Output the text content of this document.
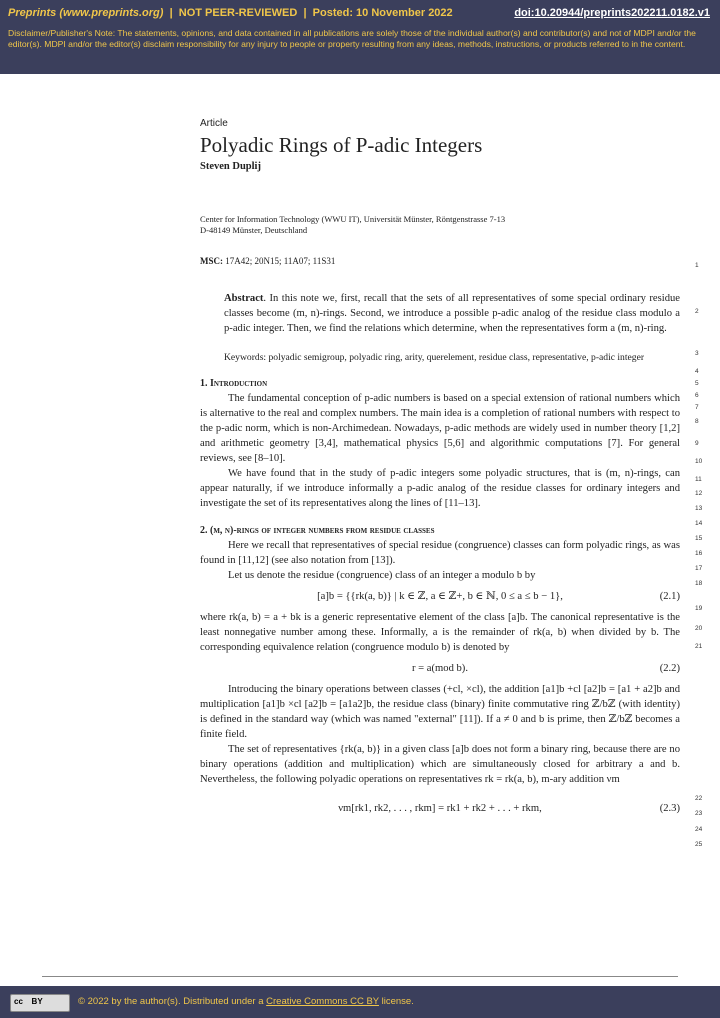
Preprints (www.preprints.org)  |  NOT PEER-REVIEWED  |  Posted: 10 November 2022	doi:10.20944/preprints202211.0182.v1
Disclaimer/Publisher's Note: The statements, opinions, and data contained in all publications are solely those of the individual author(s) and contributor(s) and not of MDPI and/or the editor(s). MDPI and/or the editor(s) disclaim responsibility for any injury to people or property resulting from any ideas, methods, instructions, or products referred to in the content.
Article
Polyadic Rings of P-adic Integers
Steven Duplij
Center for Information Technology (WWU IT), Universität Münster, Röntgenstrasse 7-13
D-48149 Münster, Deutschland
MSC: 17A42; 20N15; 11A07; 11S31
Abstract. In this note we, first, recall that the sets of all representatives of some special ordinary residue classes become (m, n)-rings. Second, we introduce a possible p-adic analog of the residue class modulo a p-adic integer. Then, we find the relations which determine, when the representatives form a (m, n)-ring.
Keywords: polyadic semigroup, polyadic ring, arity, querelement, residue class, representative, p-adic integer
1. Introduction

The fundamental conception of p-adic numbers is based on a special extension of rational numbers which is alternative to the real and complex numbers. The main idea is a completion of rational numbers with respect to the p-adic norm, which is non-Archimedean. Nowadays, p-adic methods are widely used in number theory [1,2] and arithmetic geometry [3,4], mathematical physics [5,6] and algorithmic computations [7]. For general reviews, see [8–10].

We have found that in the study of p-adic integers some polyadic structures, that is (m, n)-rings, can appear naturally, if we introduce informally a p-adic analog of the residue classes for ordinary integers and investigate the set of its representatives along the lines of [11–13].

2. (m, n)-rings of integer numbers from residue classes

Here we recall that representatives of special residue (congruence) classes can form polyadic rings, as was found in [11,12] (see also notation from [13]).

Let us denote the residue (congruence) class of an integer a modulo b by

[a]b = {{rk(a, b)} | k ∈ ℤ, a ∈ ℤ+, b ∈ ℕ, 0 ≤ a ≤ b − 1},	(2.1)

where rk(a, b) = a + bk is a generic representative element of the class [a]b. The canonical representative is the least nonnegative number among these. Informally, a is the remainder of rk(a, b) when divided by b. The corresponding equivalence relation (congruence modulo b) is denoted by

r = a(mod b).	(2.2)

Introducing the binary operations between classes (+cl, ×cl), the addition [a1]b +cl [a2]b = [a1 + a2]b and multiplication [a1]b ×cl [a2]b = [a1a2]b, the residue class (binary) finite commutative ring ℤ/bℤ (with identity) is defined in the standard way (which was named "external" [11]). If a ≠ 0 and b is prime, then ℤ/bℤ becomes a finite field.

The set of representatives {rk(a, b)} in a given class [a]b does not form a binary ring, because there are no binary operations (addition and multiplication) which are simultaneously closed for arbitrary a and b. Nevertheless, the following polyadic operations on representatives rk = rk(a, b), m-ary addition νm

νm[rk1, rk2, . . . , rkm] = rk1 + rk2 + . . . + rkm,	(2.3)
1
2
3
4
5
6
7
8
9
10
11
12
13
14
15
16
17
18
19
20
21
22
23
24
25
cc BY	© 2022 by the author(s). Distributed under a Creative Commons CC BY license.
